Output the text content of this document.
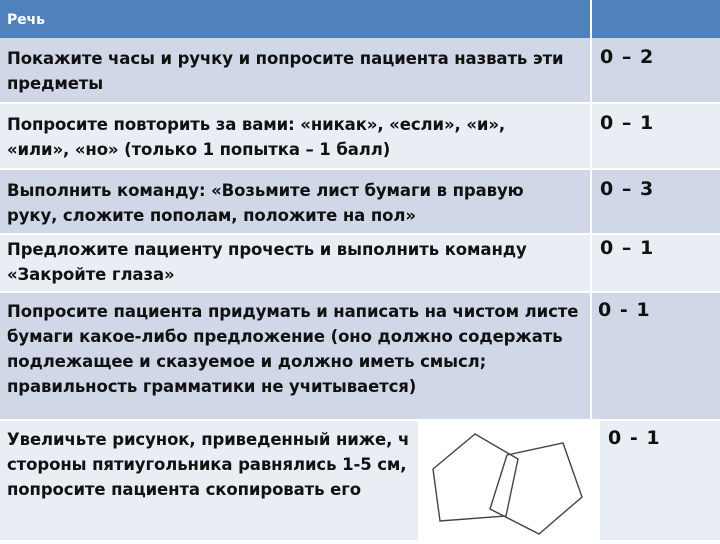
Речь
Покажите часы и ручку и попросите пациента назвать эти
предметы
0 – 2
Попросите повторить за вами: «никак», «если», «и»,
«или», «но» (только 1 попытка – 1 балл)
0 – 1
Выполнить команду: «Возьмите лист бумаги в правую
руку, сложите пополам, положите на пол»
0 – 3
Предложите пациенту прочесть и выполнить команду
«Закройте глаза»
0 – 1
Попросите пациента придумать и написать на чистом листе
бумаги какое-либо предложение (оно должно содержать
подлежащее и сказуемое и должно иметь смысл;
правильность грамматики не учитывается)
0 - 1
Увеличьте рисунок, приведенный ниже, ч
стороны пятиугольника равнялись 1-5 см,
попросите пациента скопировать его
0 - 1
